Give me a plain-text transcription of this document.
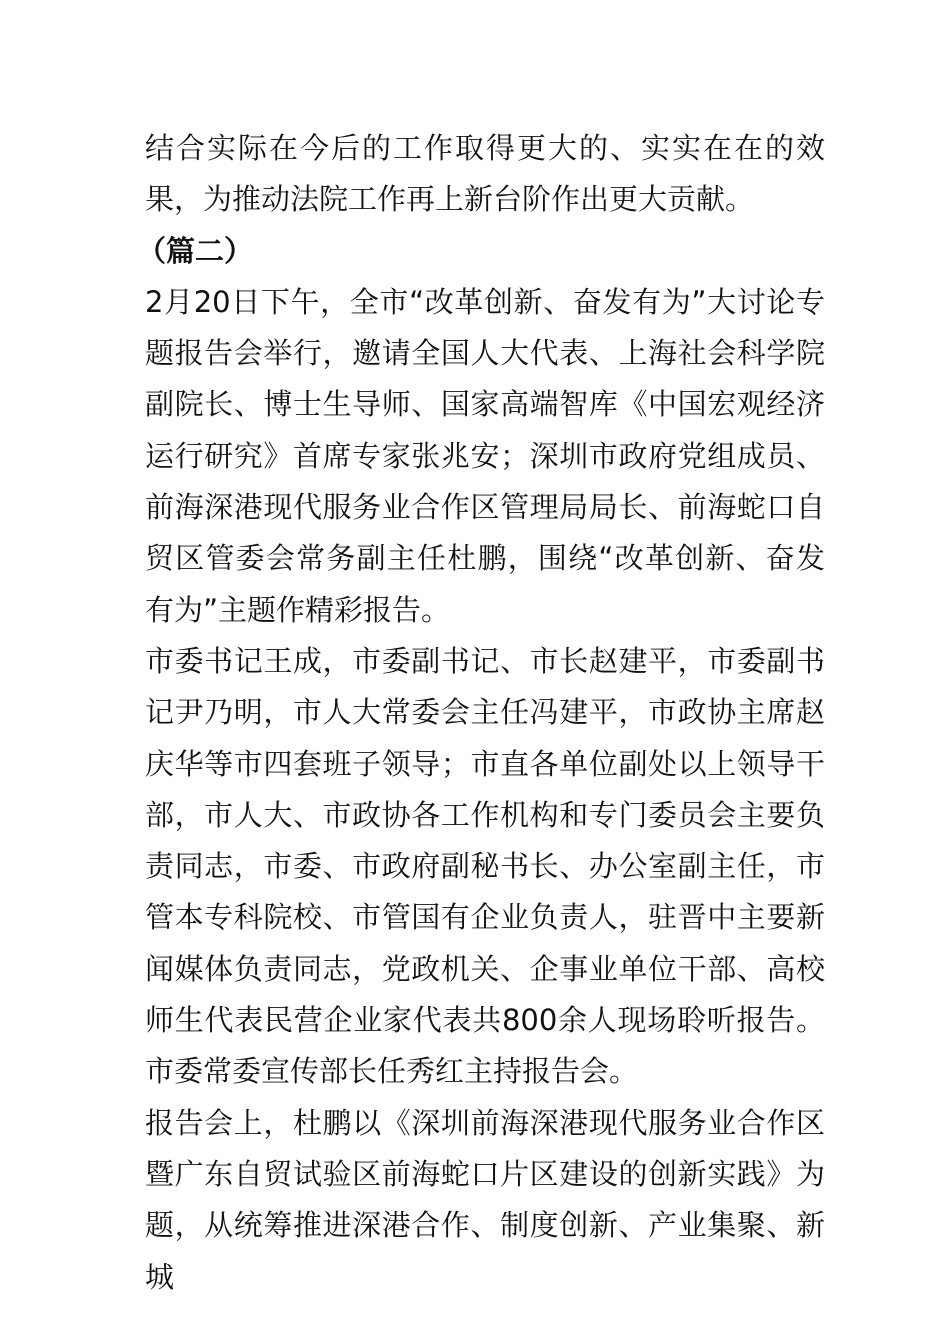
结合实际在今后的工作取得更大的、实实在在的效果，为推动法院工作再上新台阶作出更大贡献。

（篇二）

2月20日下午，全市“改革创新、奋发有为”大讨论专题报告会举行，邀请全国人大代表、上海社会科学院副院长、博士生导师、国家高端智库《中国宏观经济运行研究》首席专家张兆安；深圳市政府党组成员、前海深港现代服务业合作区管理局局长、前海蛇口自贸区管委会常务副主任杜鹏，围绕“改革创新、奋发有为”主题作精彩报告。

市委书记王成，市委副书记、市长赵建平，市委副书记尹乃明，市人大常委会主任冯建平，市政协主席赵庆华等市四套班子领导；市直各单位副处以上领导干部，市人大、市政协各工作机构和专门委员会主要负责同志，市委、市政府副秘书长、办公室副主任，市管本专科院校、市管国有企业负责人，驻晋中主要新闻媒体负责同志，党政机关、企事业单位干部、高校师生代表民营企业家代表共800余人现场聆听报告。市委常委宣传部长任秀红主持报告会。

报告会上，杜鹏以《深圳前海深港现代服务业合作区暨广东自贸试验区前海蛇口片区建设的创新实践》为题，从统筹推进深港合作、制度创新、产业集聚、新城
